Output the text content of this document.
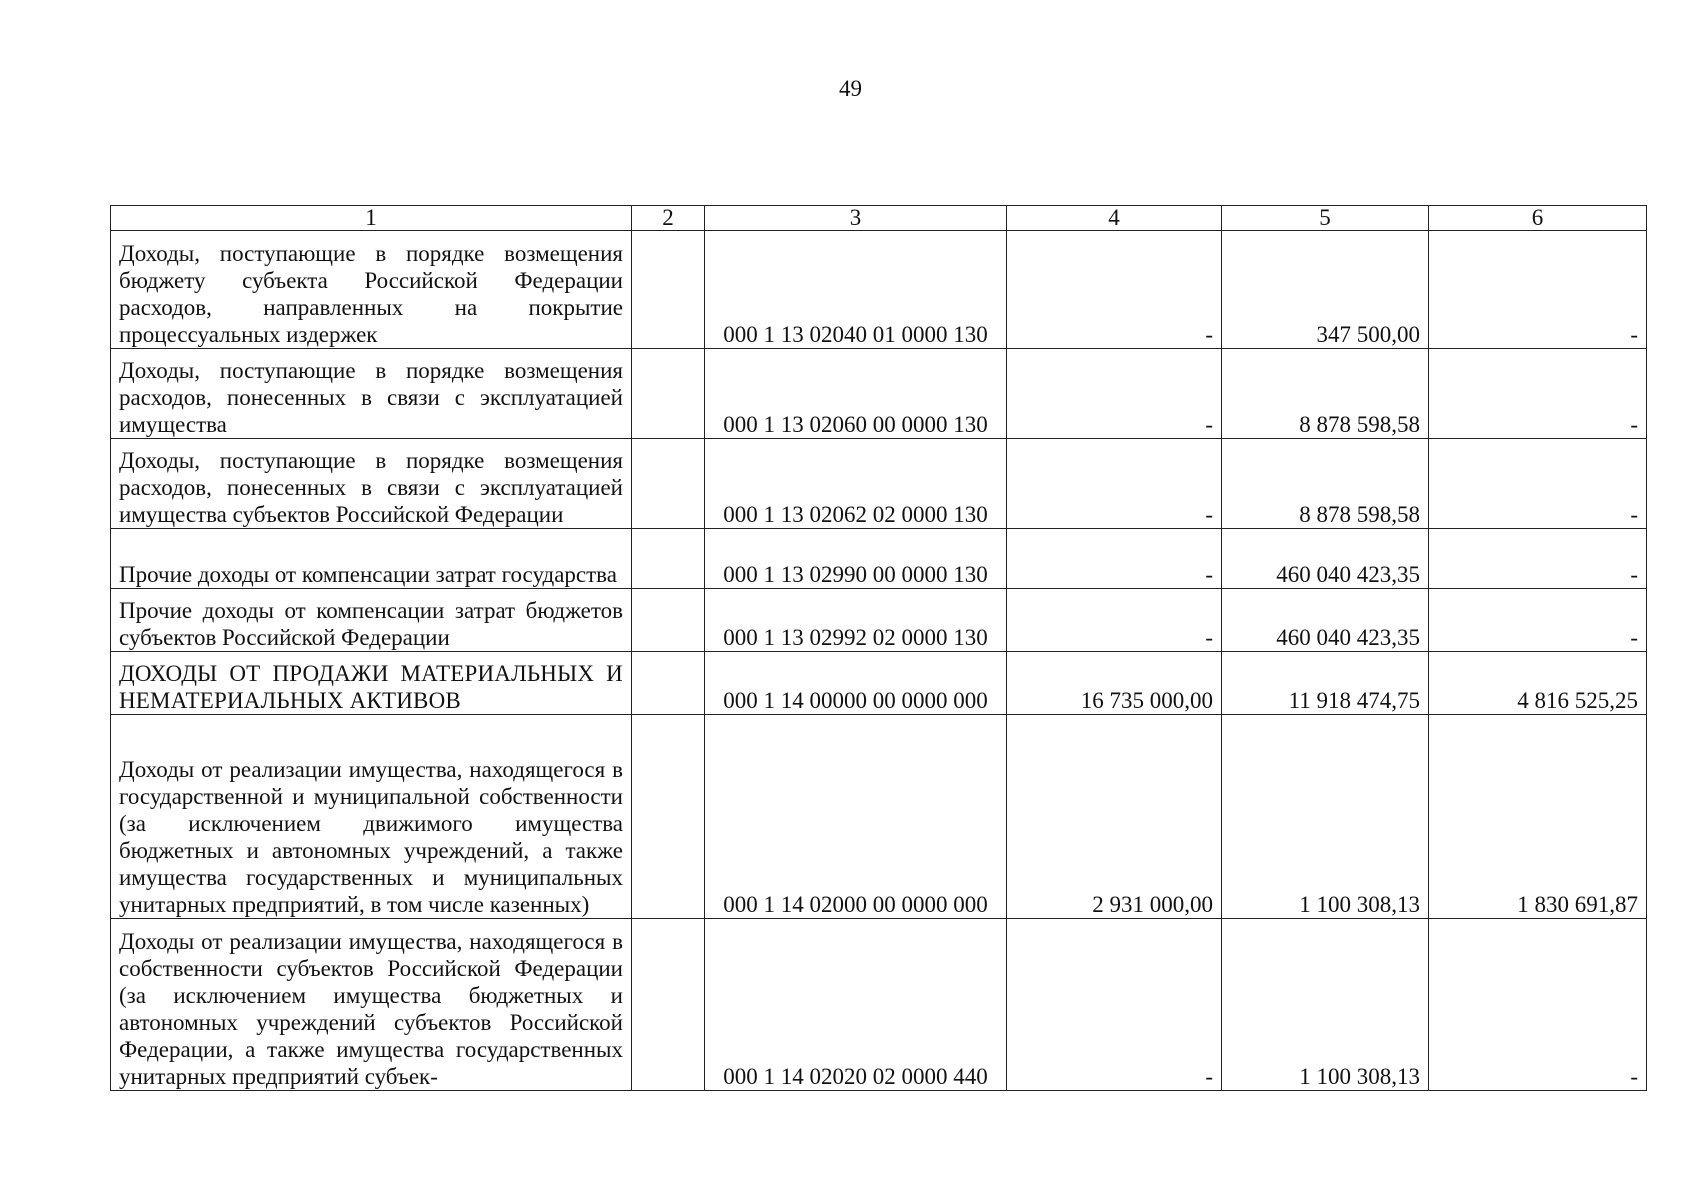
49
1	2	3	4	5	6
Доходы, поступающие в порядке возмещения бюджету субъекта Российской Федерации расходов, направленных на покрытие процессуальных издержек		000 1 13 02040 01 0000 130	-	347 500,00	-
Доходы, поступающие в порядке возмещения расходов, понесенных в связи с эксплуатацией имущества		000 1 13 02060 00 0000 130	-	8 878 598,58	-
Доходы, поступающие в порядке возмещения расходов, понесенных в связи с эксплуатацией имущества субъектов Российской Федерации		000 1 13 02062 02 0000 130	-	8 878 598,58	-
Прочие доходы от компенсации затрат государства		000 1 13 02990 00 0000 130	-	460 040 423,35	-
Прочие доходы от компенсации затрат бюджетов субъектов Российской Федерации		000 1 13 02992 02 0000 130	-	460 040 423,35	-
ДОХОДЫ ОТ ПРОДАЖИ МАТЕРИАЛЬНЫХ И НЕМАТЕРИАЛЬНЫХ АКТИВОВ		000 1 14 00000 00 0000 000	16 735 000,00	11 918 474,75	4 816 525,25
Доходы от реализации имущества, находящегося в государственной и муниципальной собственности (за исключением движимого имущества бюджетных и автономных учреждений, а также имущества государственных и муниципальных унитарных предприятий, в том числе казенных)		000 1 14 02000 00 0000 000	2 931 000,00	1 100 308,13	1 830 691,87
Доходы от реализации имущества, находящегося в собственности субъектов Российской Федерации (за исключением имущества бюджетных и автономных учреждений субъектов Российской Федерации, а также имущества государственных унитарных предприятий субъек-		000 1 14 02020 02 0000 440	-	1 100 308,13	-
